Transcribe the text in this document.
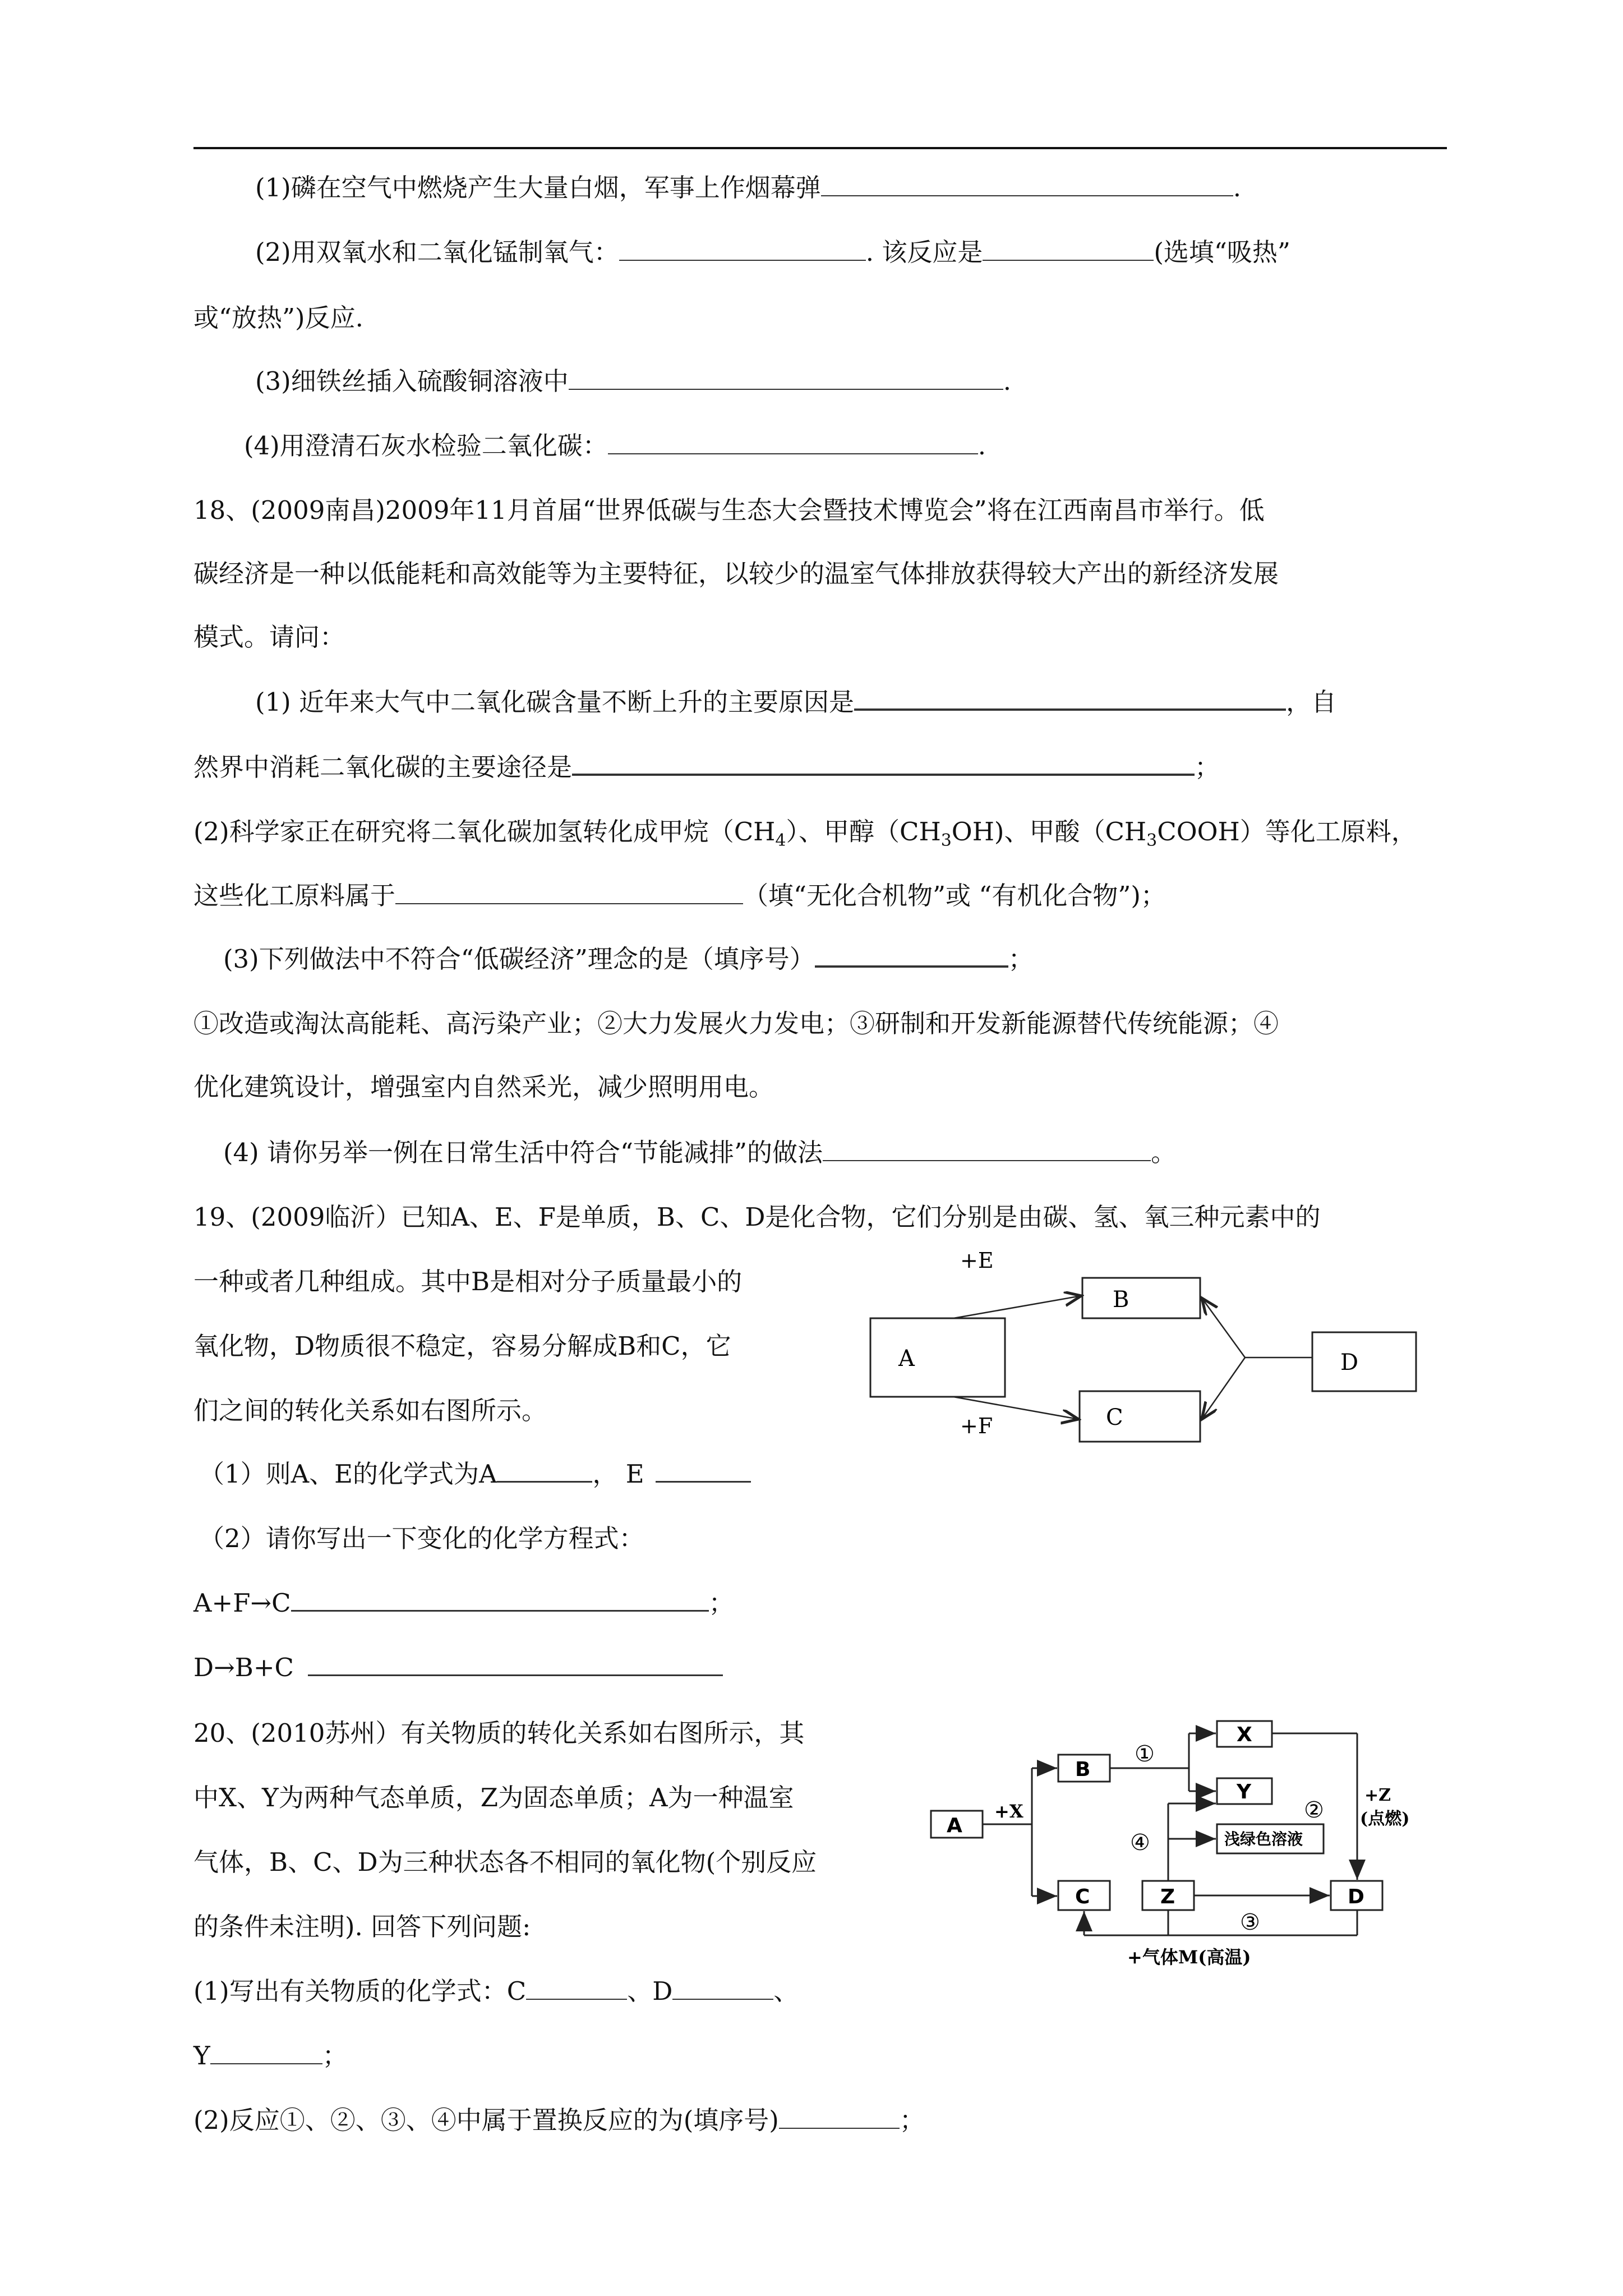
(1)磷在空气中燃烧产生大量白烟，军事上作烟幕弹	.
(2)用双氧水和二氧化锰制氧气：	. 该反应是	(选填“吸热”
或“放热”)反应.
(3)细铁丝插入硫酸铜溶液中	.
(4)用澄清石灰水检验二氧化碳：	.
18、(2009南昌)2009年11月首届“世界低碳与生态大会暨技术博览会”将在江西南昌市举行。低
碳经济是一种以低能耗和高效能等为主要特征，以较少的温室气体排放获得较大产出的新经济发展
模式。请问：
(1) 近年来大气中二氧化碳含量不断上升的主要原因是	，自
然界中消耗二氧化碳的主要途径是	；
(2)科学家正在研究将二氧化碳加氢转化成甲烷$(CH_4)$、甲醇$(CH_3OH)$、甲酸$(CH_3COOH)$等化工原料，
这些化工原料属于	（填“无化合机物”或 “有机化合物”)；
(3)下列做法中不符合“低碳经济”理念的是（填序号）	；
①改造或淘汰高能耗、高污染产业；②大力发展火力发电；③研制和开发新能源替代传统能源；④
优化建筑设计，增强室内自然采光，减少照明用电。
(4) 请你另举一例在日常生活中符合“节能减排”的做法	。
19、(2009临沂）已知A、E、F是单质，B、C、D是化合物，它们分别是由碳、氢、氧三种元素中的
一种或者几种组成。其中B是相对分子质量最小的
氧化物，D物质很不稳定，容易分解成B和C，它
们之间的转化关系如右图所示。
（1）则A、E的化学式为A	， E
（2）请你写出一下变化的化学方程式：
A+F→C	；
D→B+C
A
B
C
D
+E
+F
20、(2010苏州）有关物质的转化关系如右图所示，其
中X、Y为两种气态单质，Z为固态单质；A为一种温室
气体，B、C、D为三种状态各不相同的氧化物(个别反应
的条件未注明). 回答下列问题:
(1)写出有关物质的化学式：C	、D	、
Y	；
(2)反应①、②、③、④中属于置换反应的为(填序号)	；
A
B
C
X
Y
Z
浅绿色溶液
D
+X
①
②
+Z
(点燃)
④
③
+气体M(高温)
